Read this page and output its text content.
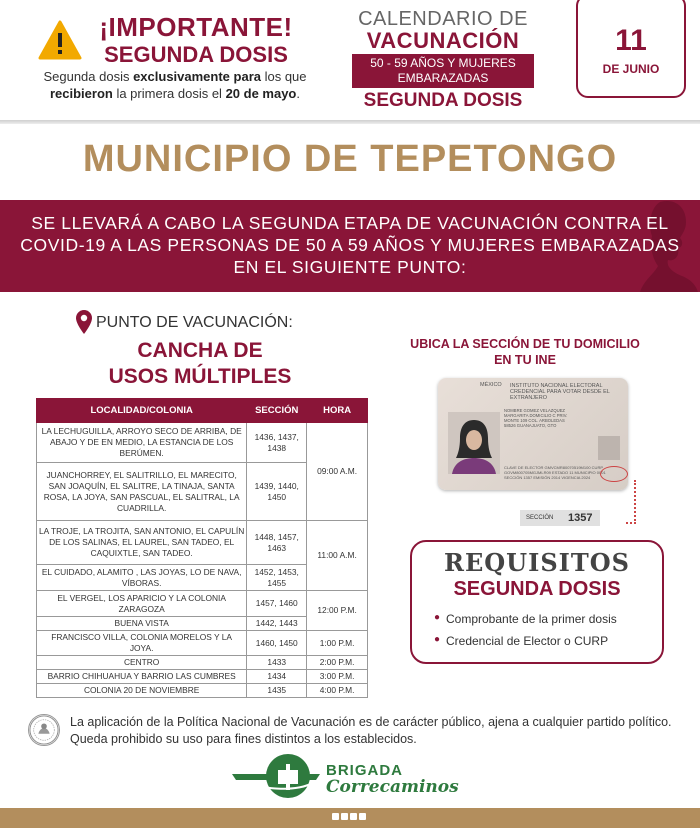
¡IMPORTANTE!
SEGUNDA DOSIS
Segunda dosis exclusivamente para los que recibieron la primera dosis el 20 de mayo.
CALENDARIO DE
VACUNACIÓN
50 - 59 AÑOS Y MUJERES EMBARAZADAS
SEGUNDA DOSIS
11
DE JUNIO
MUNICIPIO DE TEPETONGO
SE LLEVARÁ A CABO LA SEGUNDA ETAPA DE VACUNACIÓN CONTRA EL COVID-19 A LAS PERSONAS DE 50 A 59 AÑOS Y MUJERES EMBARAZADAS EN EL SIGUIENTE PUNTO:
PUNTO DE VACUNACIÓN:
CANCHA DE
USOS MÚLTIPLES
LOCALIDAD/COLONIA	SECCIÓN	HORA
LA LECHUGUILLA, ARROYO SECO DE ARRIBA, DE ABAJO Y DE EN MEDIO, LA ESTANCIA DE LOS BERÚMEN.	1436, 1437, 1438	09:00 A.M.
JUANCHORREY, EL SALITRILLO, EL MARECITO, SAN JOAQUÍN, EL SALITRE, LA TINAJA, SANTA ROSA, LA JOYA, SAN PASCUAL, EL SALITRAL, LA CUADRILLA.	1439, 1440, 1450	
LA TROJE, LA TROJITA, SAN ANTONIO, EL CAPULÍN DE LOS SALINAS, EL LAUREL, SAN TADEO, EL CAQUIXTLE, SAN TADEO.	1448, 1457, 1463	11:00 A.M.
EL CUIDADO, ALAMITO , LAS JOYAS, LO DE NAVA, VÍBORAS.	1452, 1453, 1455	
EL VERGEL, LOS APARICIO Y LA COLONIA ZARAGOZA	1457, 1460	12:00 P.M.
BUENA VISTA	1442, 1443	
FRANCISCO VILLA, COLONIA MORELOS Y LA JOYA.	1460, 1450	1:00 P.M.
CENTRO	1433	2:00 P.M.
BARRIO CHIHUAHUA Y BARRIO LAS CUMBRES	1434	3:00 P.M.
COLONIA 20 DE NOVIEMBRE	1435	4:00 P.M.
UBICA LA SECCIÓN DE TU DOMICILIO EN TU INE
MÉXICO INSTITUTO NACIONAL ELECTORAL CREDENCIAL PARA VOTAR DESDE EL EXTRANJERO
NOMBRE GOMEZ VELAZQUEZ MARGARITA DOMICILIO C PRIV. MONTE 109 COL. ARBOLEDAS 58526 GUANAJUATO, GTO
CLAVE DE ELECTOR GMVCMR80070519M100 CURP GOVM800705MGJMLR09 ESTADO 11 MUNICIPIO 0001 SECCIÓN 1357 EMISIÓN 2014 VIGENCIA 2024
SECCIÓN	1357
REQUISITOS
SEGUNDA DOSIS
● Comprobante de la primer dosis
● Credencial de Elector o CURP
La aplicación de la Política Nacional de Vacunación es de carácter público, ajena a cualquier partido político. Queda prohibido su uso para fines distintos a los establecidos.
BRIGADA
Correcaminos
